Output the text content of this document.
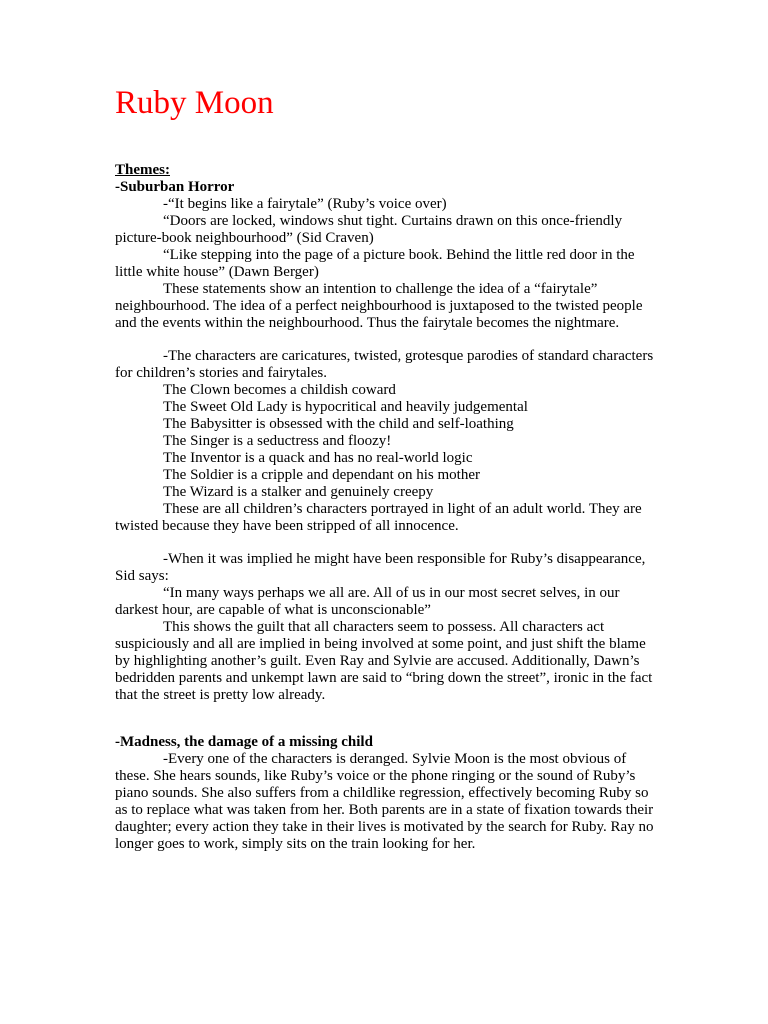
Ruby Moon
Themes:
-Suburban Horror

-“It begins like a fairytale” (Ruby’s voice over)

“Doors are locked, windows shut tight. Curtains drawn on this once-friendly picture-book neighbourhood” (Sid Craven)

“Like stepping into the page of a picture book. Behind the little red door in the little white house” (Dawn Berger)

These statements show an intention to challenge the idea of a “fairytale” neighbourhood. The idea of a perfect neighbourhood is juxtaposed to the twisted people and the events within the neighbourhood. Thus the fairytale becomes the nightmare.

-The characters are caricatures, twisted, grotesque parodies of standard characters for children’s stories and fairytales.

The Clown becomes a childish coward
The Sweet Old Lady is hypocritical and heavily judgemental
The Babysitter is obsessed with the child and self-loathing
The Singer is a seductress and floozy!
The Inventor is a quack and has no real-world logic
The Soldier is a cripple and dependant on his mother
The Wizard is a stalker and genuinely creepy

These are all children’s characters portrayed in light of an adult world. They are twisted because they have been stripped of all innocence.

-When it was implied he might have been responsible for Ruby’s disappearance, Sid says:

“In many ways perhaps we all are. All of us in our most secret selves, in our darkest hour, are capable of what is unconscionable”

This shows the guilt that all characters seem to possess. All characters act suspiciously and all are implied in being involved at some point, and just shift the blame by highlighting another’s guilt. Even Ray and Sylvie are accused. Additionally, Dawn’s bedridden parents and unkempt lawn are said to “bring down the street”, ironic in the fact that the street is pretty low already.

-Madness, the damage of a missing child

-Every one of the characters is deranged. Sylvie Moon is the most obvious of these. She hears sounds, like Ruby’s voice or the phone ringing or the sound of Ruby’s piano sounds. She also suffers from a childlike regression, effectively becoming Ruby so as to replace what was taken from her. Both parents are in a state of fixation towards their daughter; every action they take in their lives is motivated by the search for Ruby. Ray no longer goes to work, simply sits on the train looking for her.
